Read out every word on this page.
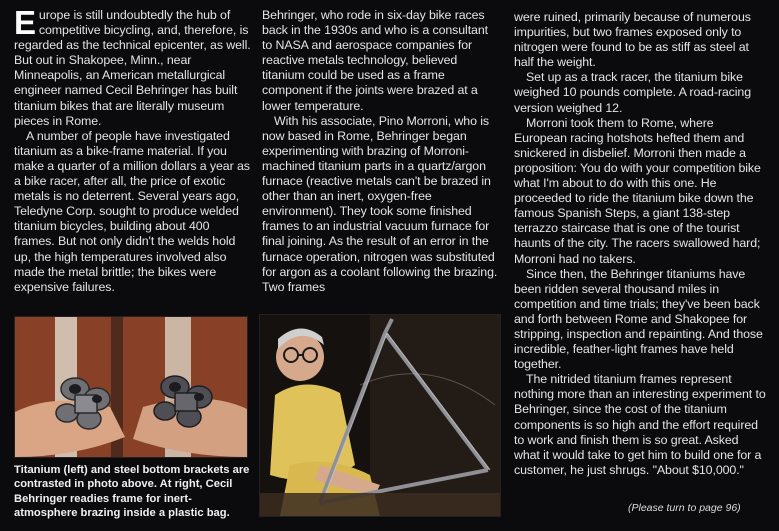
Europe is still undoubtedly the hub of competitive bicycling, and, therefore, is regarded as the technical epicenter, as well. But out in Shakopee, Minn., near Minneapolis, an American metallurgical engineer named Cecil Behringer has built titanium bikes that are literally museum pieces in Rome.

A number of people have investigated titanium as a bike-frame material. If you make a quarter of a million dollars a year as a bike racer, after all, the price of exotic metals is no deterrent. Several years ago, Teledyne Corp. sought to produce welded titanium bicycles, building about 400 frames. But not only didn't the welds hold up, the high temperatures involved also made the metal brittle; the bikes were expensive failures.

Behringer, who rode in six-day bike races back in the 1930s and who is a consultant to NASA and aerospace companies for reactive metals technology, believed titanium could be used as a frame component if the joints were brazed at a lower temperature.

With his associate, Pino Morroni, who is now based in Rome, Behringer began experimenting with brazing of Morroni-machined titanium parts in a quartz/argon furnace (reactive metals can't be brazed in other than an inert, oxygen-free environment). They took some finished frames to an industrial vacuum furnace for final joining. As the result of an error in the furnace operation, nitrogen was substituted for argon as a coolant following the brazing. Two frames

were ruined, primarily because of numerous impurities, but two frames exposed only to nitrogen were found to be as stiff as steel at half the weight.

Set up as a track racer, the titanium bike weighed 10 pounds complete. A road-racing version weighed 12.

Morroni took them to Rome, where European racing hotshots hefted them and snickered in disbelief. Morroni then made a proposition: You do with your competition bike what I'm about to do with this one. He proceeded to ride the titanium bike down the famous Spanish Steps, a giant 138-step terrazzo staircase that is one of the tourist haunts of the city. The racers swallowed hard; Morroni had no takers.

Since then, the Behringer titaniums have been ridden several thousand miles in competition and time trials; they've been back and forth between Rome and Shakopee for stripping, inspection and repainting. And those incredible, feather-light frames have held together.

The nitrided titanium frames represent nothing more than an interesting experiment to Behringer, since the cost of the titanium components is so high and the effort required to work and finish them is so great. Asked what it would take to get him to build one for a customer, he just shrugs. "About $10,000."

Titanium (left) and steel bottom brackets are contrasted in photo above. At right, Cecil Behringer readies frame for inert-atmosphere brazing inside a plastic bag.	(Please turn to page 96)
